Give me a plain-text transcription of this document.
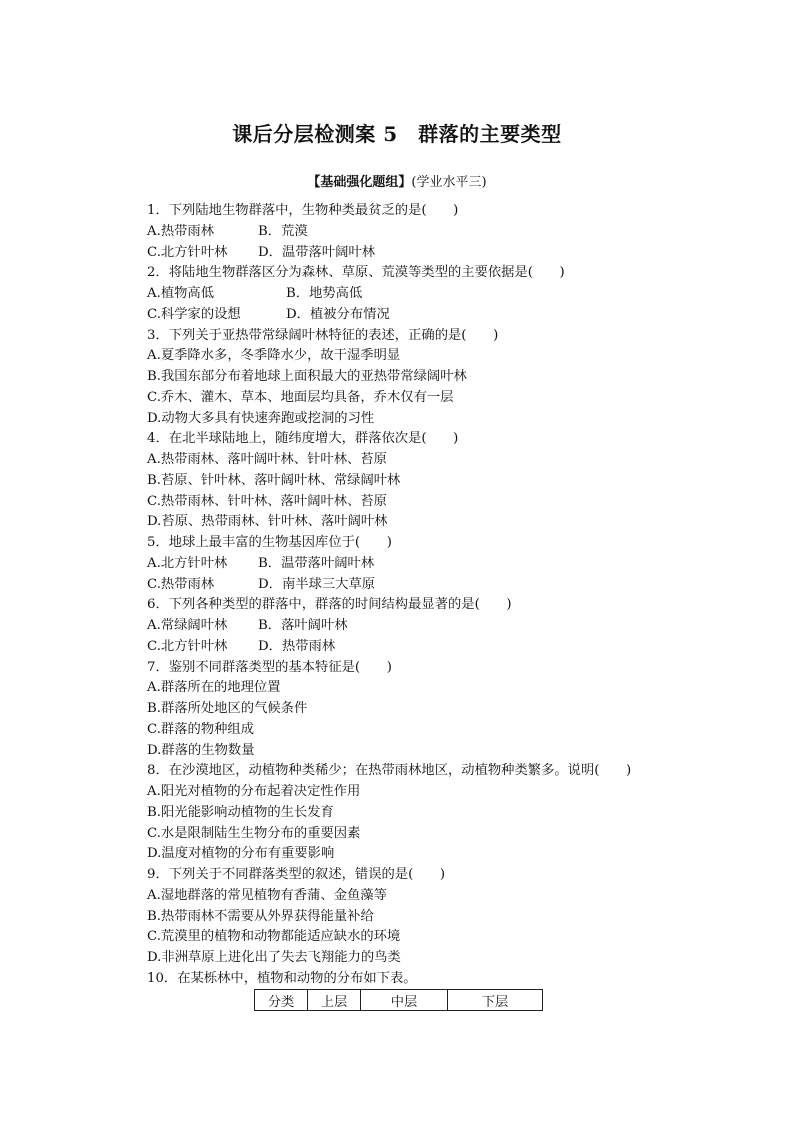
课后分层检测案 5　群落的主要类型
【基础强化题组】(学业水平三)
1．下列陆地生物群落中，生物种类最贫乏的是(　　)
A.热带雨林	B．荒漠
C.北方针叶林	D．温带落叶阔叶林
2．将陆地生物群落区分为森林、草原、荒漠等类型的主要依据是(　　)
A.植物高低	B．地势高低
C.科学家的设想	D．植被分布情况
3．下列关于亚热带常绿阔叶林特征的表述，正确的是(　　)
A.夏季降水多，冬季降水少，故干湿季明显
B.我国东部分布着地球上面积最大的亚热带常绿阔叶林
C.乔木、灌木、草本、地面层均具备，乔木仅有一层
D.动物大多具有快速奔跑或挖洞的习性
4．在北半球陆地上，随纬度增大，群落依次是(　　)
A.热带雨林、落叶阔叶林、针叶林、苔原
B.苔原、针叶林、落叶阔叶林、常绿阔叶林
C.热带雨林、针叶林、落叶阔叶林、苔原
D.苔原、热带雨林、针叶林、落叶阔叶林
5．地球上最丰富的生物基因库位于(　　)
A.北方针叶林	B．温带落叶阔叶林
C.热带雨林	D．南半球三大草原
6．下列各种类型的群落中，群落的时间结构最显著的是(　　)
A.常绿阔叶林	B．落叶阔叶林
C.北方针叶林	D．热带雨林
7．鉴别不同群落类型的基本特征是(　　)
A.群落所在的地理位置
B.群落所处地区的气候条件
C.群落的物种组成
D.群落的生物数量
8．在沙漠地区，动植物种类稀少；在热带雨林地区，动植物种类繁多。说明(　　)
A.阳光对植物的分布起着决定性作用
B.阳光能影响动植物的生长发育
C.水是限制陆生生物分布的重要因素
D.温度对植物的分布有重要影响
9．下列关于不同群落类型的叙述，错误的是(　　)
A.湿地群落的常见植物有香蒲、金鱼藻等
B.热带雨林不需要从外界获得能量补给
C.荒漠里的植物和动物都能适应缺水的环境
D.非洲草原上进化出了失去飞翔能力的鸟类
10．在某栎林中，植物和动物的分布如下表。
分类	上层	中层	下层
